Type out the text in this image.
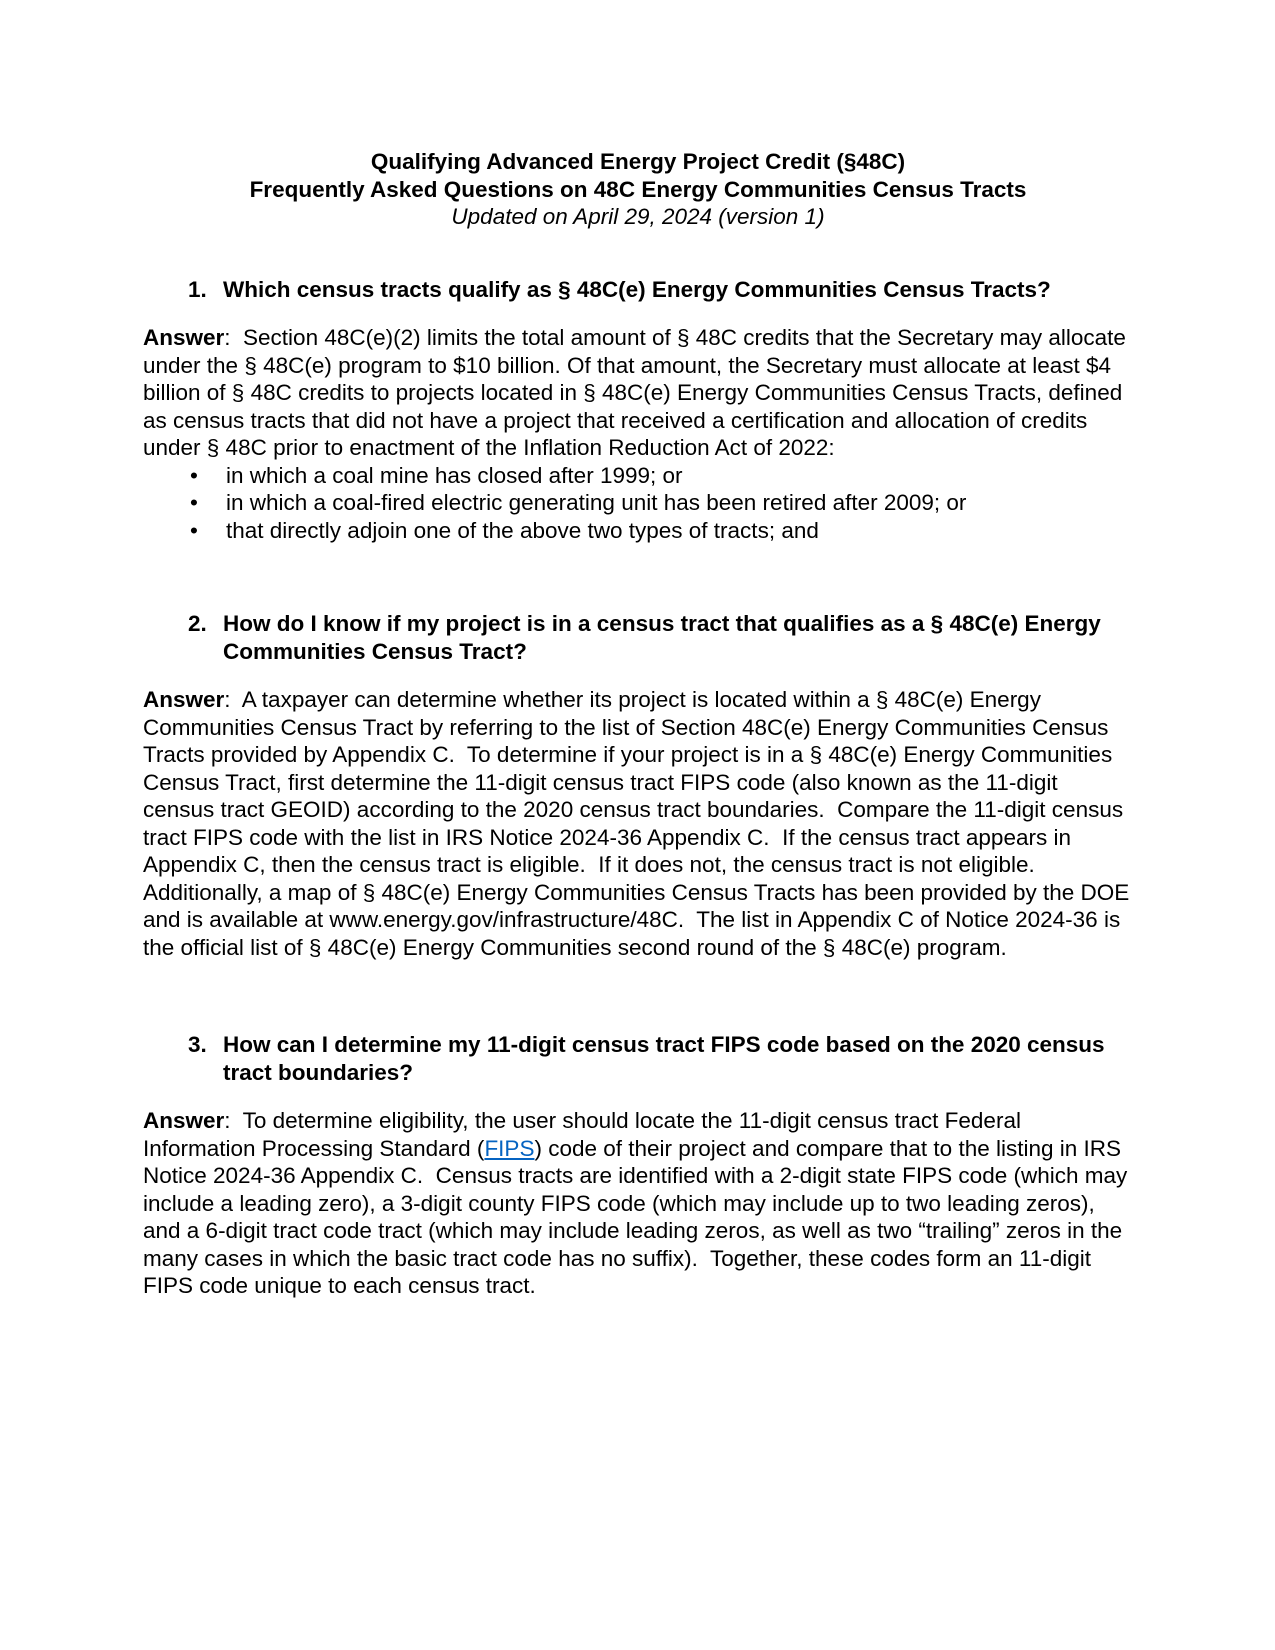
Qualifying Advanced Energy Project Credit (§48C)
Frequently Asked Questions on 48C Energy Communities Census Tracts
Updated on April 29, 2024 (version 1)
1. Which census tracts qualify as § 48C(e) Energy Communities Census Tracts?

Answer:  Section 48C(e)(2) limits the total amount of § 48C credits that the Secretary may allocate under the § 48C(e) program to $10 billion. Of that amount, the Secretary must allocate at least $4 billion of § 48C credits to projects located in § 48C(e) Energy Communities Census Tracts, defined as census tracts that did not have a project that received a certification and allocation of credits under § 48C prior to enactment of the Inflation Reduction Act of 2022:

• in which a coal mine has closed after 1999; or
• in which a coal-fired electric generating unit has been retired after 2009; or
• that directly adjoin one of the above two types of tracts; and
2. How do I know if my project is in a census tract that qualifies as a § 48C(e) Energy Communities Census Tract?

Answer:  A taxpayer can determine whether its project is located within a § 48C(e) Energy Communities Census Tract by referring to the list of Section 48C(e) Energy Communities Census Tracts provided by Appendix C.  To determine if your project is in a § 48C(e) Energy Communities Census Tract, first determine the 11-digit census tract FIPS code (also known as the 11-digit census tract GEOID) according to the 2020 census tract boundaries.  Compare the 11-digit census tract FIPS code with the list in IRS Notice 2024-36 Appendix C.  If the census tract appears in Appendix C, then the census tract is eligible.  If it does not, the census tract is not eligible.  Additionally, a map of § 48C(e) Energy Communities Census Tracts has been provided by the DOE and is available at www.energy.gov/infrastructure/48C.  The list in Appendix C of Notice 2024-36 is the official list of § 48C(e) Energy Communities second round of the § 48C(e) program.

3. How can I determine my 11-digit census tract FIPS code based on the 2020 census tract boundaries?

Answer:  To determine eligibility, the user should locate the 11-digit census tract Federal Information Processing Standard (FIPS) code of their project and compare that to the listing in IRS Notice 2024-36 Appendix C.  Census tracts are identified with a 2-digit state FIPS code (which may include a leading zero), a 3-digit county FIPS code (which may include up to two leading zeros), and a 6-digit tract code tract (which may include leading zeros, as well as two “trailing” zeros in the many cases in which the basic tract code has no suffix).  Together, these codes form an 11-digit FIPS code unique to each census tract.
